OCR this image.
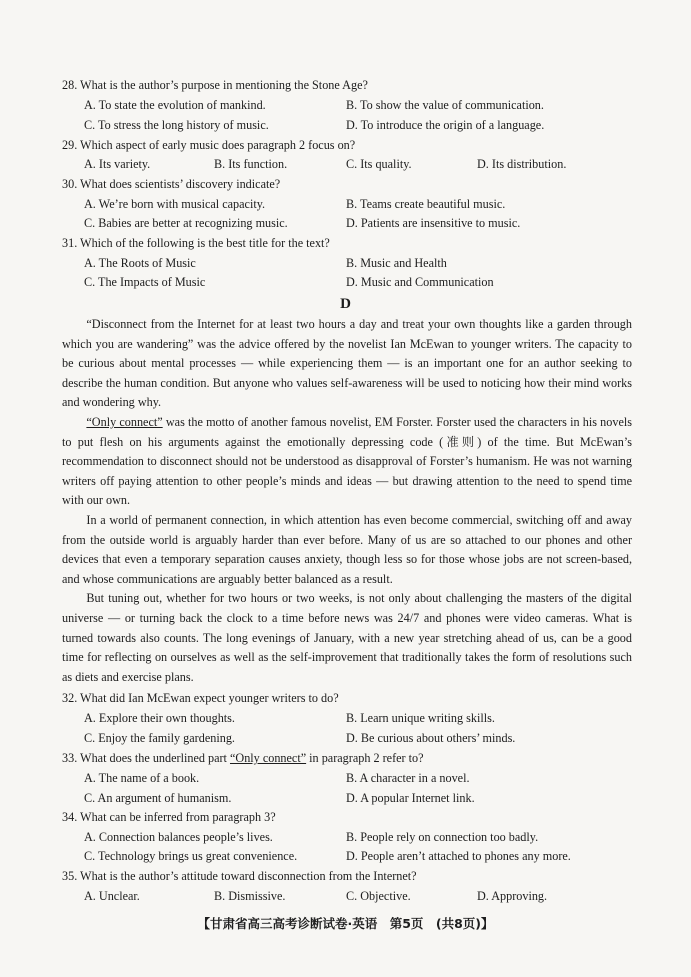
28. What is the author’s purpose in mentioning the Stone Age?
A. To state the evolution of mankind.	B. To show the value of communication.
C. To stress the long history of music.	D. To introduce the origin of a language.
29. Which aspect of early music does paragraph 2 focus on?
A. Its variety.	B. Its function.	C. Its quality.	D. Its distribution.
30. What does scientists’ discovery indicate?
A. We’re born with musical capacity.	B. Teams create beautiful music.
C. Babies are better at recognizing music.	D. Patients are insensitive to music.
31. Which of the following is the best title for the text?
A. The Roots of Music	B. Music and Health
C. The Impacts of Music	D. Music and Communication
D

“Disconnect from the Internet for at least two hours a day and treat your own thoughts like a garden through which you are wandering” was the advice offered by the novelist Ian McEwan to younger writers. The capacity to be curious about mental processes — while experiencing them — is an important one for an author seeking to describe the human condition. But anyone who values self-awareness will be used to noticing how their mind works and wondering why.

“Only connect” was the motto of another famous novelist, EM Forster. Forster used the characters in his novels to put flesh on his arguments against the emotionally depressing code (准则) of the time. But McEwan’s recommendation to disconnect should not be understood as disapproval of Forster’s humanism. He was not warning writers off paying attention to other people’s minds and ideas — but drawing attention to the need to spend time with our own.

In a world of permanent connection, in which attention has even become commercial, switching off and away from the outside world is arguably harder than ever before. Many of us are so attached to our phones and other devices that even a temporary separation causes anxiety, though less so for those whose jobs are not screen-based, and whose communications are arguably better balanced as a result.

But tuning out, whether for two hours or two weeks, is not only about challenging the masters of the digital universe — or turning back the clock to a time before news was 24/7 and phones were video cameras. What is turned towards also counts. The long evenings of January, with a new year stretching ahead of us, can be a good time for reflecting on ourselves as well as the self-improvement that traditionally takes the form of resolutions such as diets and exercise plans.

32. What did Ian McEwan expect younger writers to do?
A. Explore their own thoughts.	B. Learn unique writing skills.
C. Enjoy the family gardening.	D. Be curious about others’ minds.
33. What does the underlined part “Only connect” in paragraph 2 refer to?
A. The name of a book.	B. A character in a novel.
C. An argument of humanism.	D. A popular Internet link.
34. What can be inferred from paragraph 3?
A. Connection balances people’s lives.	B. People rely on connection too badly.
C. Technology brings us great convenience.	D. People aren’t attached to phones any more.
35. What is the author’s attitude toward disconnection from the Internet?
A. Unclear.	B. Dismissive.	C. Objective.	D. Approving.
【甘肃省高三高考诊断试卷·英语　第5页　(共8页)】
